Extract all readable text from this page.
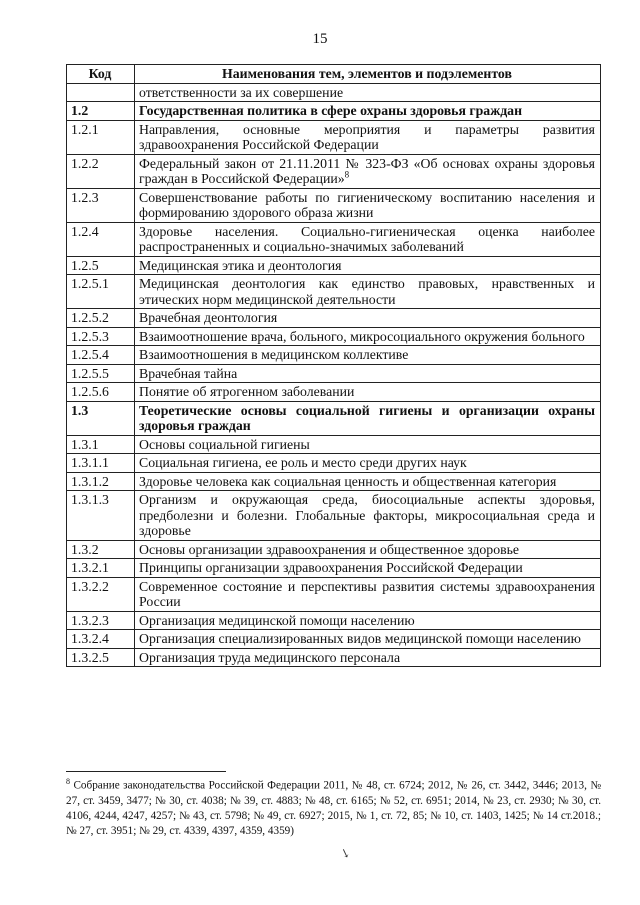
15
Код	Наименования тем, элементов и подэлементов
	ответственности за их совершение
1.2	Государственная политика в сфере охраны здоровья граждан
1.2.1	Направления, основные мероприятия и параметры развития здравоохранения Российской Федерации
1.2.2	Федеральный закон от 21.11.2011 № 323-ФЗ «Об основах охраны здоровья граждан в Российской Федерации»$^8$
1.2.3	Совершенствование работы по гигиеническому воспитанию населения и формированию здорового образа жизни
1.2.4	Здоровье населения. Социально-гигиеническая оценка наиболее распространенных и социально-значимых заболеваний
1.2.5	Медицинская этика и деонтология
1.2.5.1	Медицинская деонтология как единство правовых, нравственных и этических норм медицинской деятельности
1.2.5.2	Врачебная деонтология
1.2.5.3	Взаимоотношение врача, больного, микросоциального окружения больного
1.2.5.4	Взаимоотношения в медицинском коллективе
1.2.5.5	Врачебная тайна
1.2.5.6	Понятие об ятрогенном заболевании
1.3	Теоретические основы социальной гигиены и организации охраны здоровья граждан
1.3.1	Основы социальной гигиены
1.3.1.1	Социальная гигиена, ее роль и место среди других наук
1.3.1.2	Здоровье человека как социальная ценность и общественная категория
1.3.1.3	Организм и окружающая среда, биосоциальные аспекты здоровья, предболезни и болезни. Глобальные факторы, микросоциальная среда и здоровье
1.3.2	Основы организации здравоохранения и общественное здоровье
1.3.2.1	Принципы организации здравоохранения Российской Федерации
1.3.2.2	Современное состояние и перспективы развития системы здравоохранения России
1.3.2.3	Организация медицинской помощи населению
1.3.2.4	Организация специализированных видов медицинской помощи населению
1.3.2.5	Организация труда медицинского персонала
$^8$ Собрание законодательства Российской Федерации 2011, № 48, ст. 6724; 2012, № 26, ст. 3442, 3446; 2013, № 27, ст. 3459, 3477; № 30, ст. 4038; № 39, ст. 4883; № 48, ст. 6165; № 52, ст. 6951; 2014, № 23, ст. 2930; № 30, ст. 4106, 4244, 4247, 4257; № 43, ст. 5798; № 49, ст. 6927; 2015, № 1, ст. 72, 85; № 10, ст. 1403, 1425; № 14 ст.2018.; № 27, ст. 3951; № 29, ст. 4339, 4397, 4359, 4359)
↘
